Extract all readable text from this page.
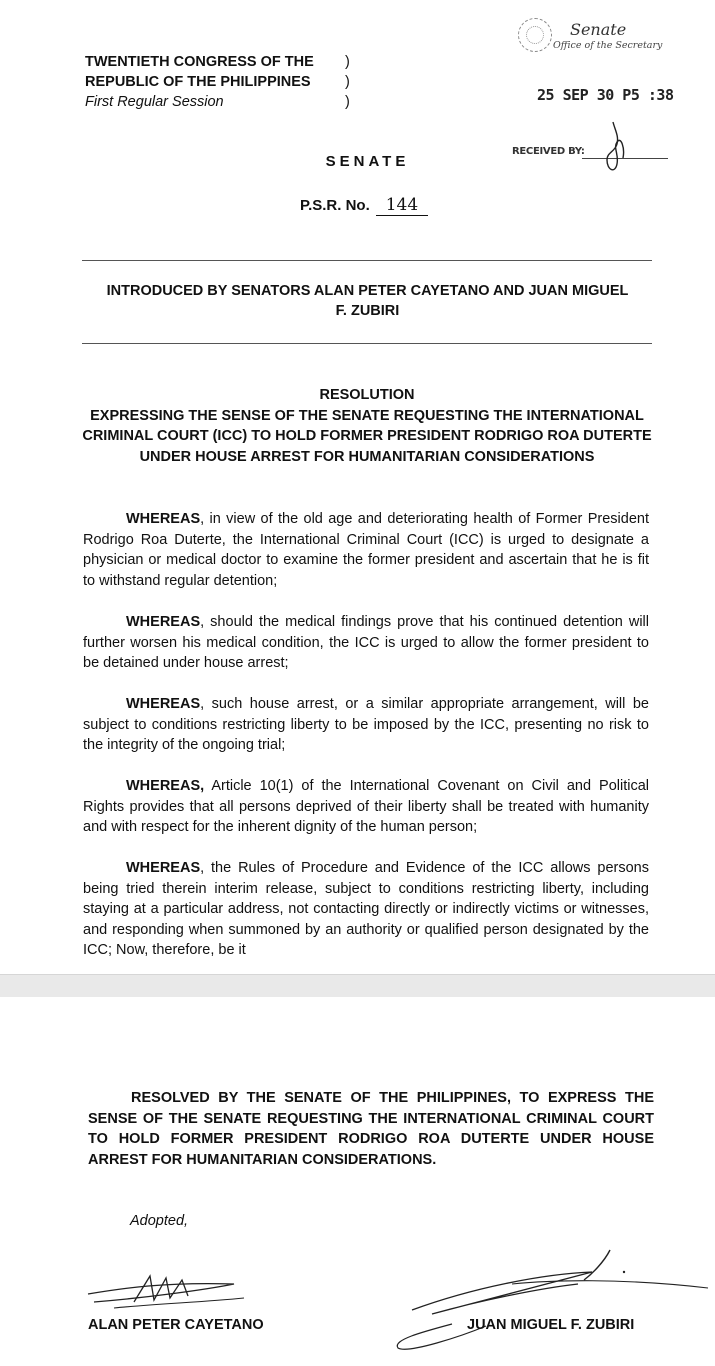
TWENTIETH CONGRESS OF THE
REPUBLIC OF THE PHILIPPINES
First Regular Session
)
)
)
Senate
Office of the Secretary
25 SEP 30 P5 :38
RECEIVED BY:
SENATE
P.S.R. No. 144
INTRODUCED BY SENATORS ALAN PETER CAYETANO AND JUAN MIGUEL F. ZUBIRI
RESOLUTION
EXPRESSING THE SENSE OF THE SENATE REQUESTING THE INTERNATIONAL CRIMINAL COURT (ICC) TO HOLD FORMER PRESIDENT RODRIGO ROA DUTERTE UNDER HOUSE ARREST FOR HUMANITARIAN CONSIDERATIONS
WHEREAS, in view of the old age and deteriorating health of Former President Rodrigo Roa Duterte, the International Criminal Court (ICC) is urged to designate a physician or medical doctor to examine the former president and ascertain that he is fit to withstand regular detention;
WHEREAS, should the medical findings prove that his continued detention will further worsen his medical condition, the ICC is urged to allow the former president to be detained under house arrest;
WHEREAS, such house arrest, or a similar appropriate arrangement, will be subject to conditions restricting liberty to be imposed by the ICC, presenting no risk to the integrity of the ongoing trial;
WHEREAS, Article 10(1) of the International Covenant on Civil and Political Rights provides that all persons deprived of their liberty shall be treated with humanity and with respect for the inherent dignity of the human person;
WHEREAS, the Rules of Procedure and Evidence of the ICC allows persons being tried therein interim release, subject to conditions restricting liberty, including staying at a particular address, not contacting directly or indirectly victims or witnesses, and responding when summoned by an authority or qualified person designated by the ICC; Now, therefore, be it
RESOLVED BY THE SENATE OF THE PHILIPPINES, TO EXPRESS THE SENSE OF THE SENATE REQUESTING THE INTERNATIONAL CRIMINAL COURT TO HOLD FORMER PRESIDENT RODRIGO ROA DUTERTE UNDER HOUSE ARREST FOR HUMANITARIAN CONSIDERATIONS.
Adopted,
ALAN PETER CAYETANO	JUAN MIGUEL F. ZUBIRI
